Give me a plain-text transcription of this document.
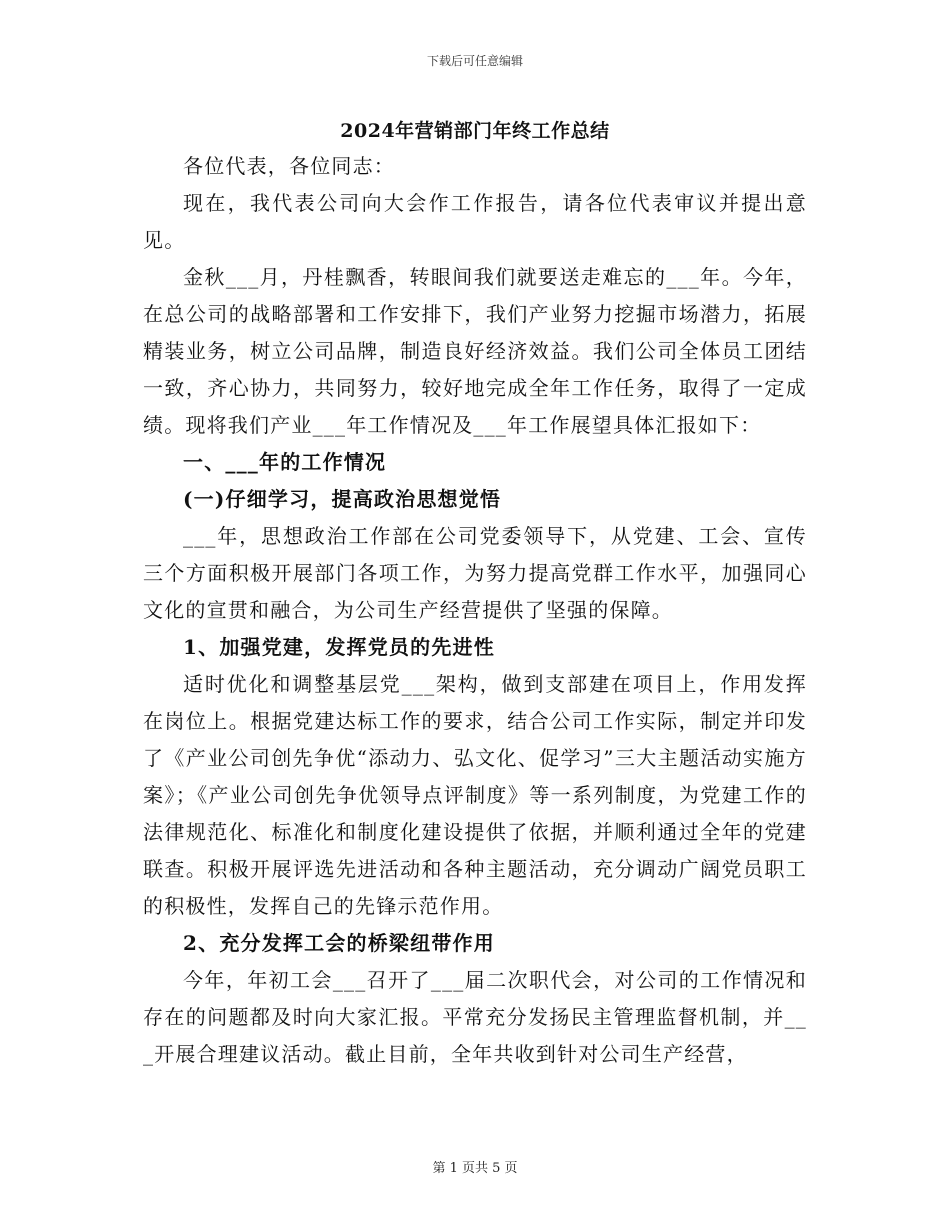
下载后可任意编辑
2024年营销部门年终工作总结

各位代表，各位同志：

现在，我代表公司向大会作工作报告，请各位代表审议并提出意见。

金秋___月，丹桂飘香，转眼间我们就要送走难忘的___年。今年，在总公司的战略部署和工作安排下，我们产业努力挖掘市场潜力，拓展精装业务，树立公司品牌，制造良好经济效益。我们公司全体员工团结一致，齐心协力，共同努力，较好地完成全年工作任务，取得了一定成绩。现将我们产业___年工作情况及___年工作展望具体汇报如下：

一、___年的工作情况

(一)仔细学习，提高政治思想觉悟

___年，思想政治工作部在公司党委领导下，从党建、工会、宣传三个方面积极开展部门各项工作，为努力提高党群工作水平，加强同心文化的宣贯和融合，为公司生产经营提供了坚强的保障。

1、加强党建，发挥党员的先进性

适时优化和调整基层党___架构，做到支部建在项目上，作用发挥在岗位上。根据党建达标工作的要求，结合公司工作实际，制定并印发了《产业公司创先争优“添动力、弘文化、促学习”三大主题活动实施方案》；《产业公司创先争优领导点评制度》等一系列制度，为党建工作的法律规范化、标准化和制度化建设提供了依据，并顺利通过全年的党建联查。积极开展评选先进活动和各种主题活动，充分调动广阔党员职工的积极性，发挥自己的先锋示范作用。

2、充分发挥工会的桥梁纽带作用

今年，年初工会___召开了___届二次职代会，对公司的工作情况和存在的问题都及时向大家汇报。平常充分发扬民主管理监督机制，并___开展合理建议活动。截止目前，全年共收到针对公司生产经营，

第 1 页共 5 页
